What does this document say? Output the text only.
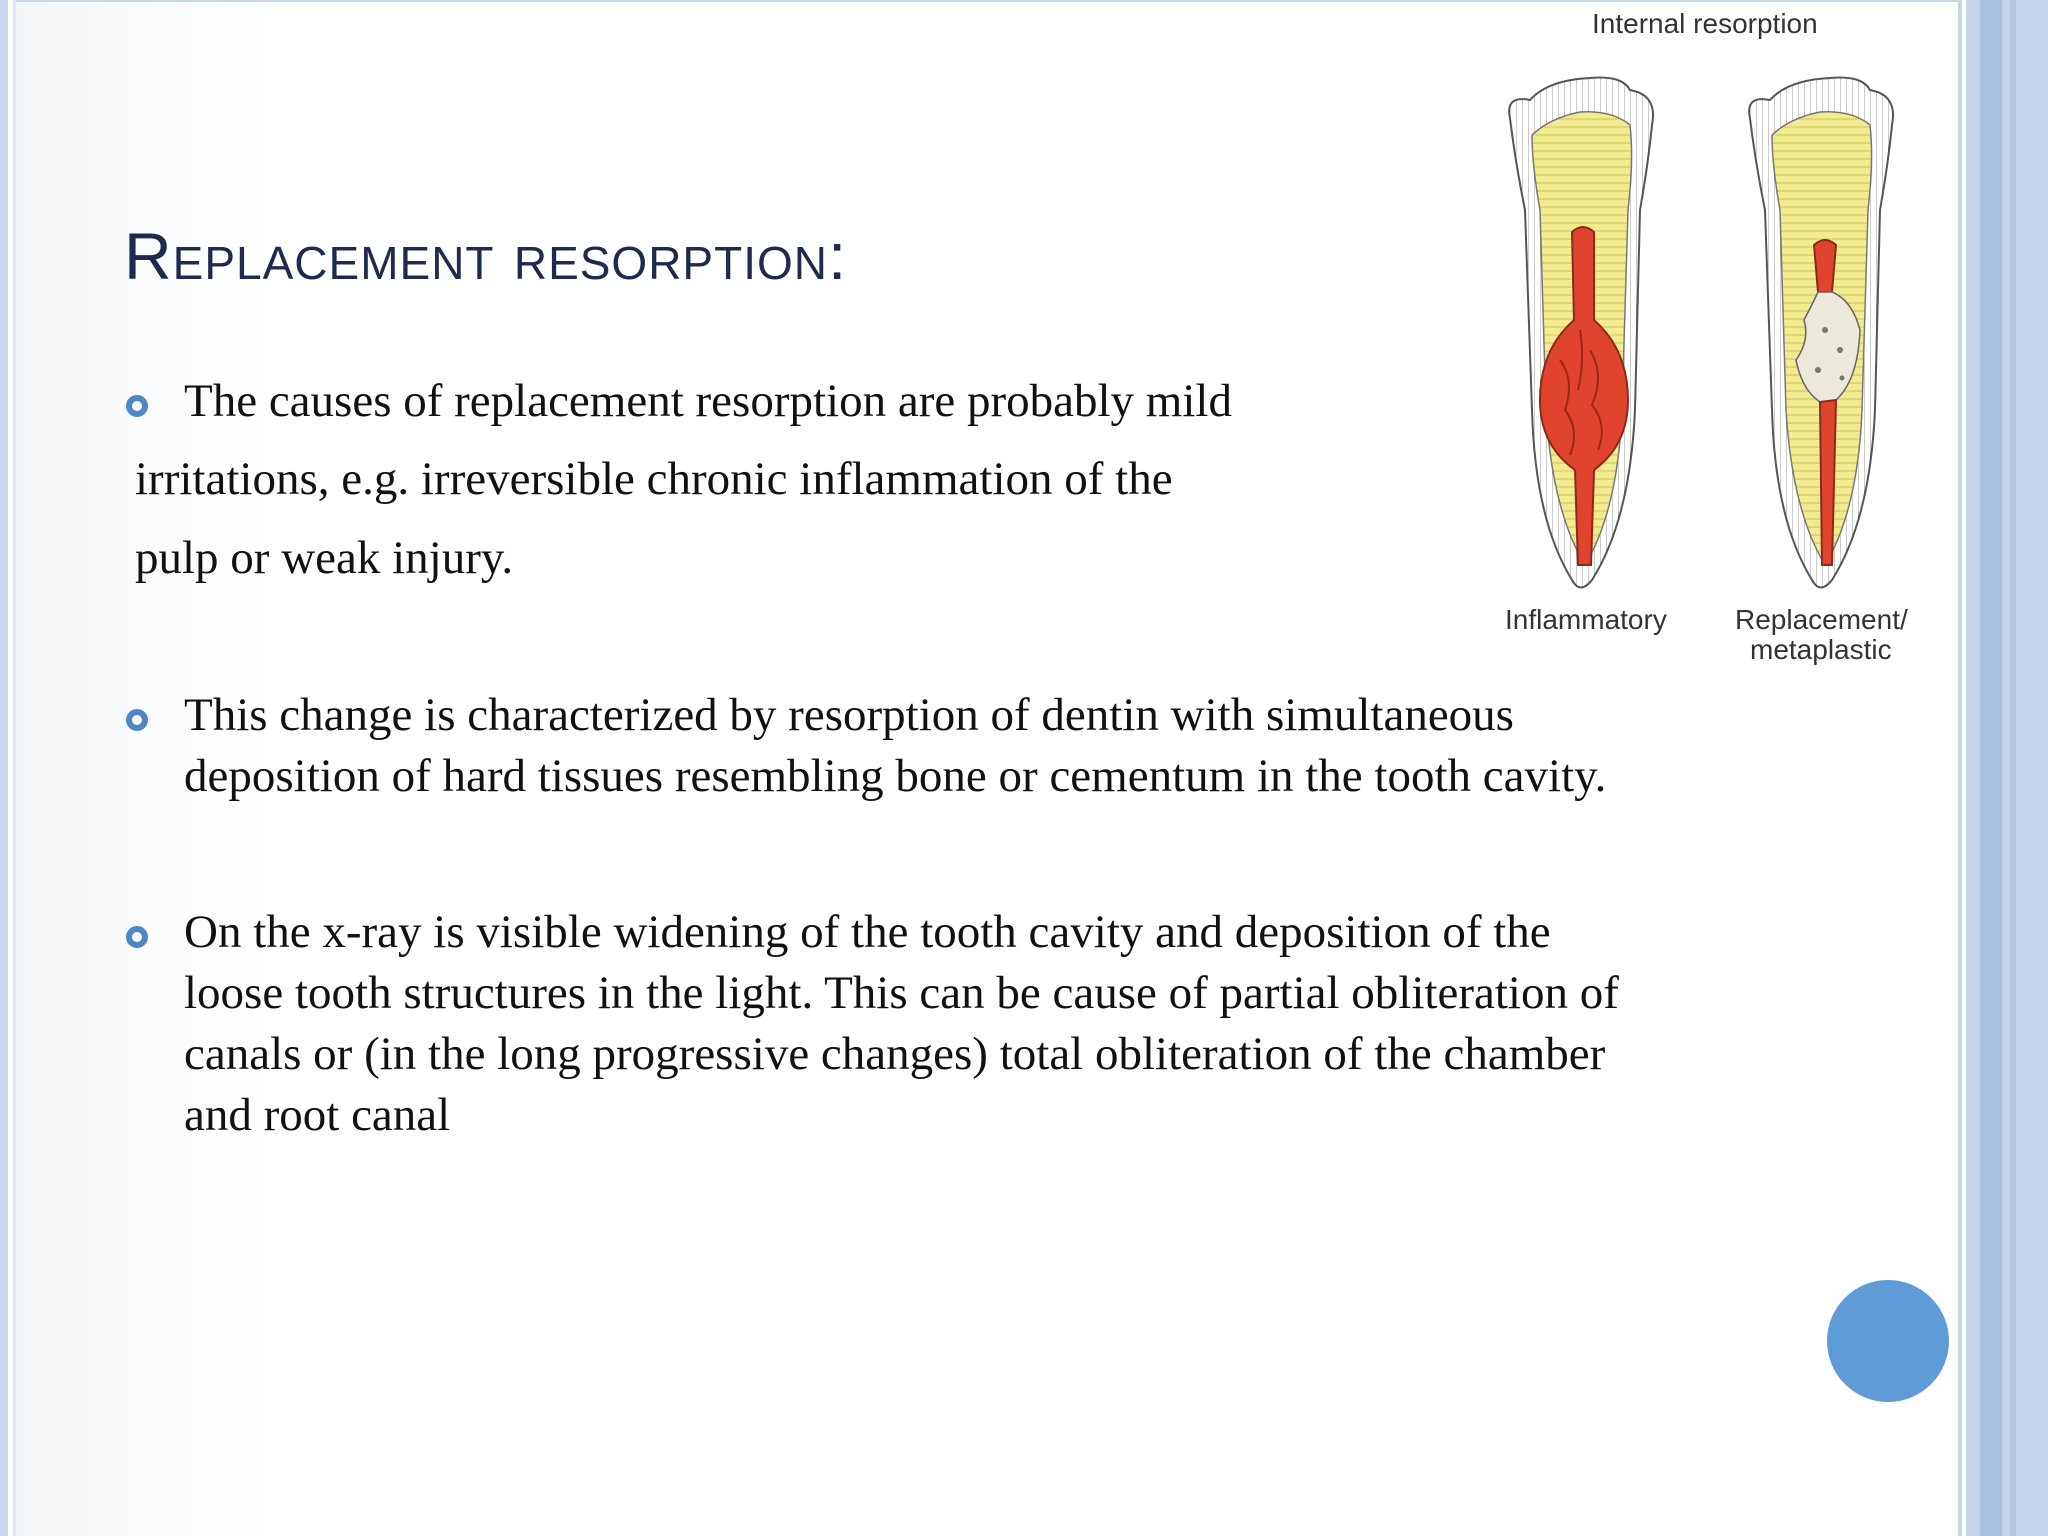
Replacement resorption:
The causes of replacement resorption are probably mild
irritations, e.g. irreversible chronic inflammation of the
pulp or weak injury.
This change is characterized by resorption of dentin with simultaneous
deposition of hard tissues resembling bone or cementum in the tooth cavity.
On the x-ray is visible widening of the tooth cavity and deposition of the
loose tooth structures in the light. This can be cause of partial obliteration of
canals or (in the long progressive changes) total obliteration of the chamber
and root canal
Internal resorption
Inflammatory Replacement/
metaplastic
